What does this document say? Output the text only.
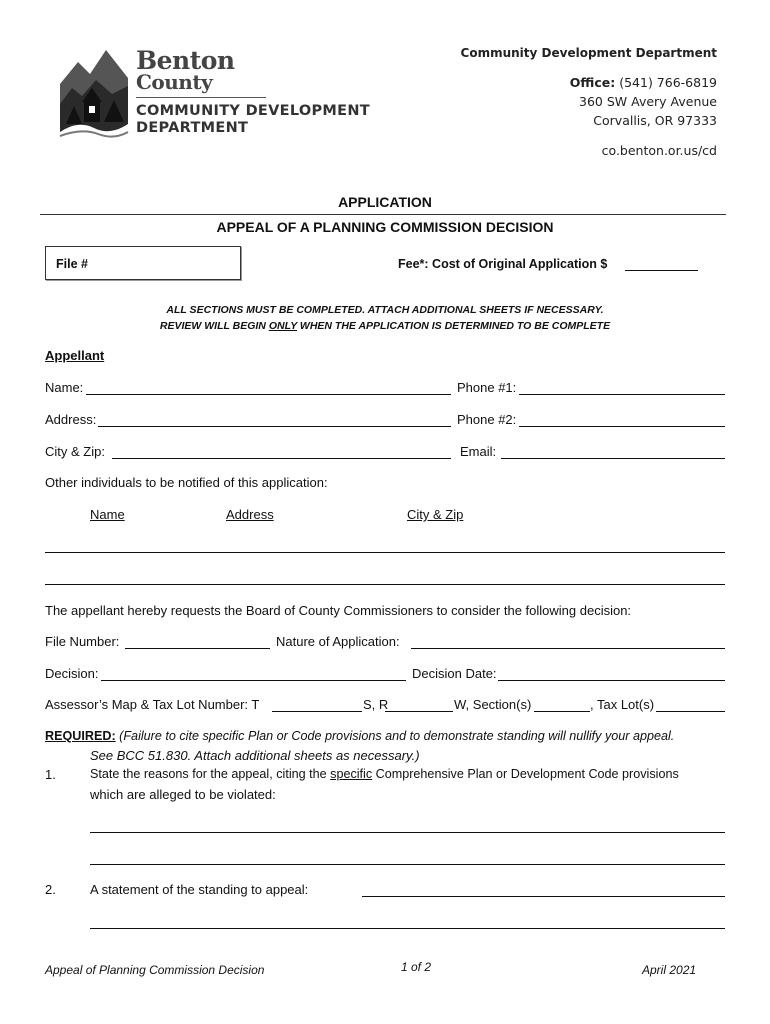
Benton
County
COMMUNITY DEVELOPMENT
DEPARTMENT
Community Development Department
Office: (541) 766-6819
360 SW Avery Avenue
Corvallis, OR 97333
co.benton.or.us/cd
APPLICATION
APPEAL OF A PLANNING COMMISSION DECISION
File #	Fee*: Cost of Original Application $
ALL SECTIONS MUST BE COMPLETED. ATTACH ADDITIONAL SHEETS IF NECESSARY.
REVIEW WILL BEGIN ONLY WHEN THE APPLICATION IS DETERMINED TO BE COMPLETE
Appellant
Name:	Phone #1:
Address:	Phone #2:
City & Zip:	Email:
Other individuals to be notified of this application:
Name	Address	City & Zip
The appellant hereby requests the Board of County Commissioners to consider the following decision:
File Number:	Nature of Application:
Decision:	Decision Date:
Assessor’s Map & Tax Lot Number: T	S, R	W, Section(s)	, Tax Lot(s)
REQUIRED: (Failure to cite specific Plan or Code provisions and to demonstrate standing will nullify your appeal.
See BCC 51.830. Attach additional sheets as necessary.)
1.	State the reasons for the appeal, citing the specific Comprehensive Plan or Development Code provisions
which are alleged to be violated:
2.	A statement of the standing to appeal:
Appeal of Planning Commission Decision	1 of 2	April 2021
